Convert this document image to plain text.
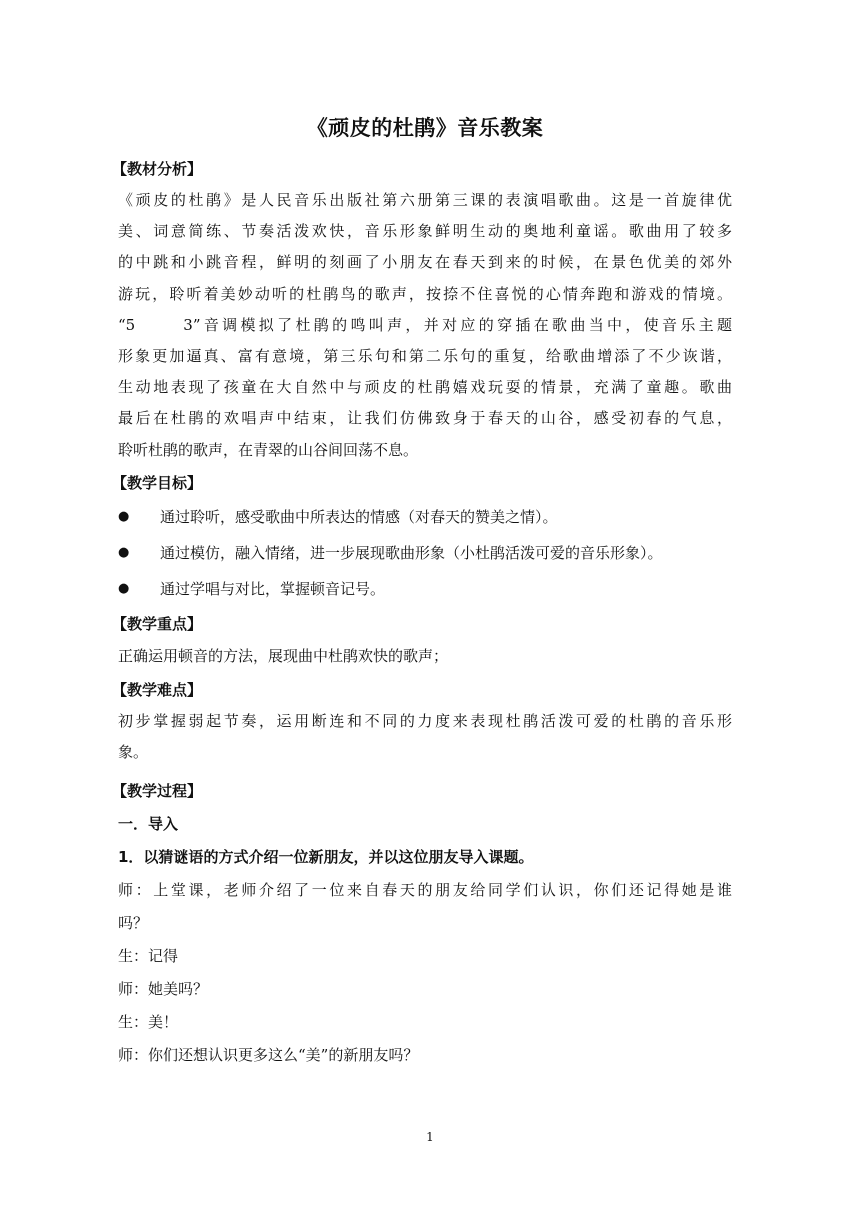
《顽皮的杜鹃》音乐教案
【教材分析】

《顽皮的杜鹃》是人民音乐出版社第六册第三课的表演唱歌曲。这是一首旋律优
美、词意简练、节奏活泼欢快，音乐形象鲜明生动的奥地利童谣。歌曲用了较多
的中跳和小跳音程，鲜明的刻画了小朋友在春天到来的时候，在景色优美的郊外
游玩，聆听着美妙动听的杜鹃鸟的歌声，按捺不住喜悦的心情奔跑和游戏的情境。
“5　　 3”音调模拟了杜鹃的鸣叫声，并对应的穿插在歌曲当中，使音乐主题
形象更加逼真、富有意境，第三乐句和第二乐句的重复，给歌曲增添了不少诙谐，
生动地表现了孩童在大自然中与顽皮的杜鹃嬉戏玩耍的情景，充满了童趣。歌曲
最后在杜鹃的欢唱声中结束，让我们仿佛致身于春天的山谷，感受初春的气息，
聆听杜鹃的歌声，在青翠的山谷间回荡不息。

【教学目标】
●	通过聆听，感受歌曲中所表达的情感（对春天的赞美之情）。
●	通过模仿，融入情绪，进一步展现歌曲形象（小杜鹃活泼可爱的音乐形象）。
●	通过学唱与对比，掌握顿音记号。
【教学重点】
正确运用顿音的方法，展现曲中杜鹃欢快的歌声；
【教学难点】

初步掌握弱起节奏，运用断连和不同的力度来表现杜鹃活泼可爱的杜鹃的音乐形
象。

【教学过程】
一．导入
1．以猜谜语的方式介绍一位新朋友，并以这位朋友导入课题。

师：上堂课，老师介绍了一位来自春天的朋友给同学们认识，你们还记得她是谁
吗？

生：记得
师：她美吗？
生：美！
师：你们还想认识更多这么“美”的新朋友吗？
1
